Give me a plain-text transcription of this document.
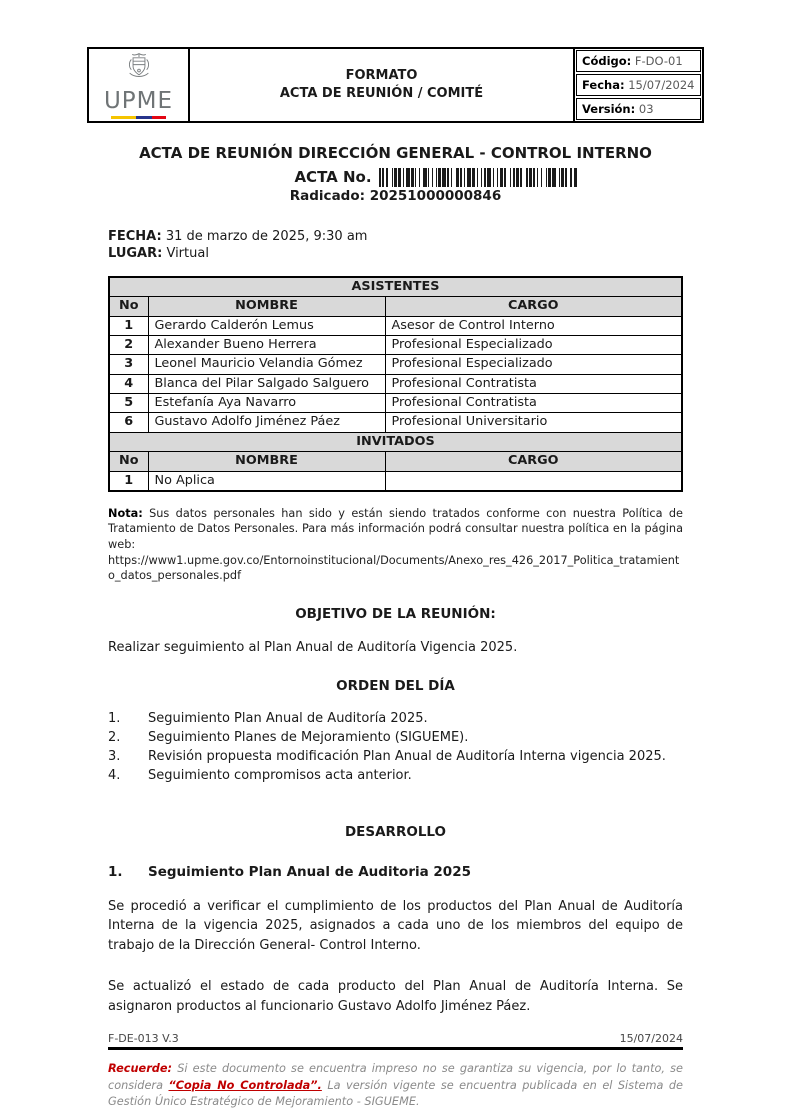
UPME
FORMATO
ACTA DE REUNIÓN / COMITÉ
Código: F-DO-01
Fecha: 15/07/2024
Versión: 03
ACTA DE REUNIÓN DIRECCIÓN GENERAL - CONTROL INTERNO
ACTA No.
Radicado: 20251000000846
FECHA: 31 de marzo de 2025, 9:30 am
LUGAR: Virtual
ASISTENTES		
No	NOMBRE	CARGO
1	Gerardo Calderón Lemus	Asesor de Control Interno
2	Alexander Bueno Herrera	Profesional Especializado
3	Leonel Mauricio Velandia Gómez	Profesional Especializado
4	Blanca del Pilar Salgado Salguero	Profesional Contratista
5	Estefanía Aya Navarro	Profesional Contratista
6	Gustavo Adolfo Jiménez Páez	Profesional Universitario
INVITADOS		
No	NOMBRE	CARGO
1	No Aplica	

Nota: Sus datos personales han sido y están siendo tratados conforme con nuestra Política de Tratamiento de Datos Personales. Para más información podrá consultar nuestra política en la página web: https://www1.upme.gov.co/Entornoinstitucional/Documents/Anexo_res_426_2017_Politica_tratamiento_datos_personales.pdf

OBJETIVO DE LA REUNIÓN:

Realizar seguimiento al Plan Anual de Auditoría Vigencia 2025.

ORDEN DEL DÍA
1.	Seguimiento Plan Anual de Auditoría 2025.
2.	Seguimiento Planes de Mejoramiento (SIGUEME).
3.	Revisión propuesta modificación Plan Anual de Auditoría Interna vigencia 2025.
4.	Seguimiento compromisos acta anterior.
DESARROLLO
1.	Seguimiento Plan Anual de Auditoria 2025

Se procedió a verificar el cumplimiento de los productos del Plan Anual de Auditoría Interna de la vigencia 2025, asignados a cada uno de los miembros del equipo de trabajo de la Dirección General- Control Interno.

Se actualizó el estado de cada producto del Plan Anual de Auditoría Interna. Se asignaron productos al funcionario Gustavo Adolfo Jiménez Páez.

F-DE-013 V.3	15/07/2024

Recuerde: Si este documento se encuentra impreso no se garantiza su vigencia, por lo tanto, se considera “Copia No Controlada”. La versión vigente se encuentra publicada en el Sistema de Gestión Único Estratégico de Mejoramiento - SIGUEME.
